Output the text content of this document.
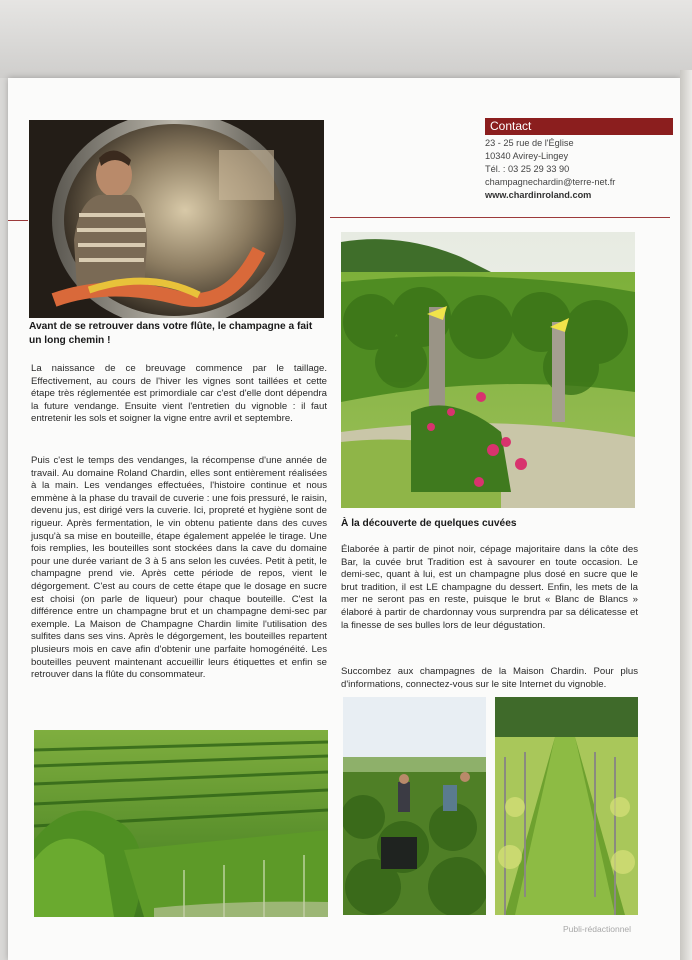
Avant de se retrouver dans votre flûte, le champagne a fait un long chemin !

La naissance de ce breuvage commence par le taillage. Effectivement, au cours de l'hiver les vignes sont taillées et cette étape très réglementée est primordiale car c'est d'elle dont dépendra la future vendange. Ensuite vient l'entretien du vignoble : il faut entretenir les sols et soigner la vigne entre avril et septembre.

Puis c'est le temps des vendanges, la récompense d'une année de travail. Au domaine Roland Chardin, elles sont entièrement réalisées à la main. Les vendanges effectuées, l'histoire continue et nous emmène à la phase du travail de cuverie : une fois pressuré, le raisin, devenu jus, est dirigé vers la cuverie. Ici, propreté et hygiène sont de rigueur. Après fermentation, le vin obtenu patiente dans des cuves jusqu'à sa mise en bouteille, étape également appelée le tirage. Une fois remplies, les bouteilles sont stockées dans la cave du domaine pour une durée variant de 3 à 5 ans selon les cuvées. Petit à petit, le champagne prend vie. Après cette période de repos, vient le dégorgement. C'est au cours de cette étape que le dosage en sucre est choisi (on parle de liqueur) pour chaque bouteille. C'est la différence entre un champagne brut et un champagne demi-sec par exemple. La Maison de Champagne Chardin limite l'utilisation des sulfites dans ses vins. Après le dégorgement, les bouteilles repartent plusieurs mois en cave afin d'obtenir une parfaite homogénéité. Les bouteilles peuvent maintenant accueillir leurs étiquettes et enfin se retrouver dans la flûte du consommateur.

Contact
23 - 25 rue de l'Église
10340 Avirey-Lingey
Tél. : 03 25 29 33 90
champagnechardin@terre-net.fr
www.chardinroland.com
À la découverte de quelques cuvées

Élaborée à partir de pinot noir, cépage majoritaire dans la côte des Bar, la cuvée brut Tradition est à savourer en toute occasion. Le demi-sec, quant à lui, est un champagne plus dosé en sucre que le brut tradition, il est LE champagne du dessert. Enfin, les mets de la mer ne seront pas en reste, puisque le brut « Blanc de Blancs » élaboré à partir de chardonnay vous surprendra par sa délicatesse et la finesse de ses bulles lors de leur dégustation.

Succombez aux champagnes de la Maison Chardin. Pour plus d'informations, connectez-vous sur le site Internet du vignoble.

Publi-rédactionnel
